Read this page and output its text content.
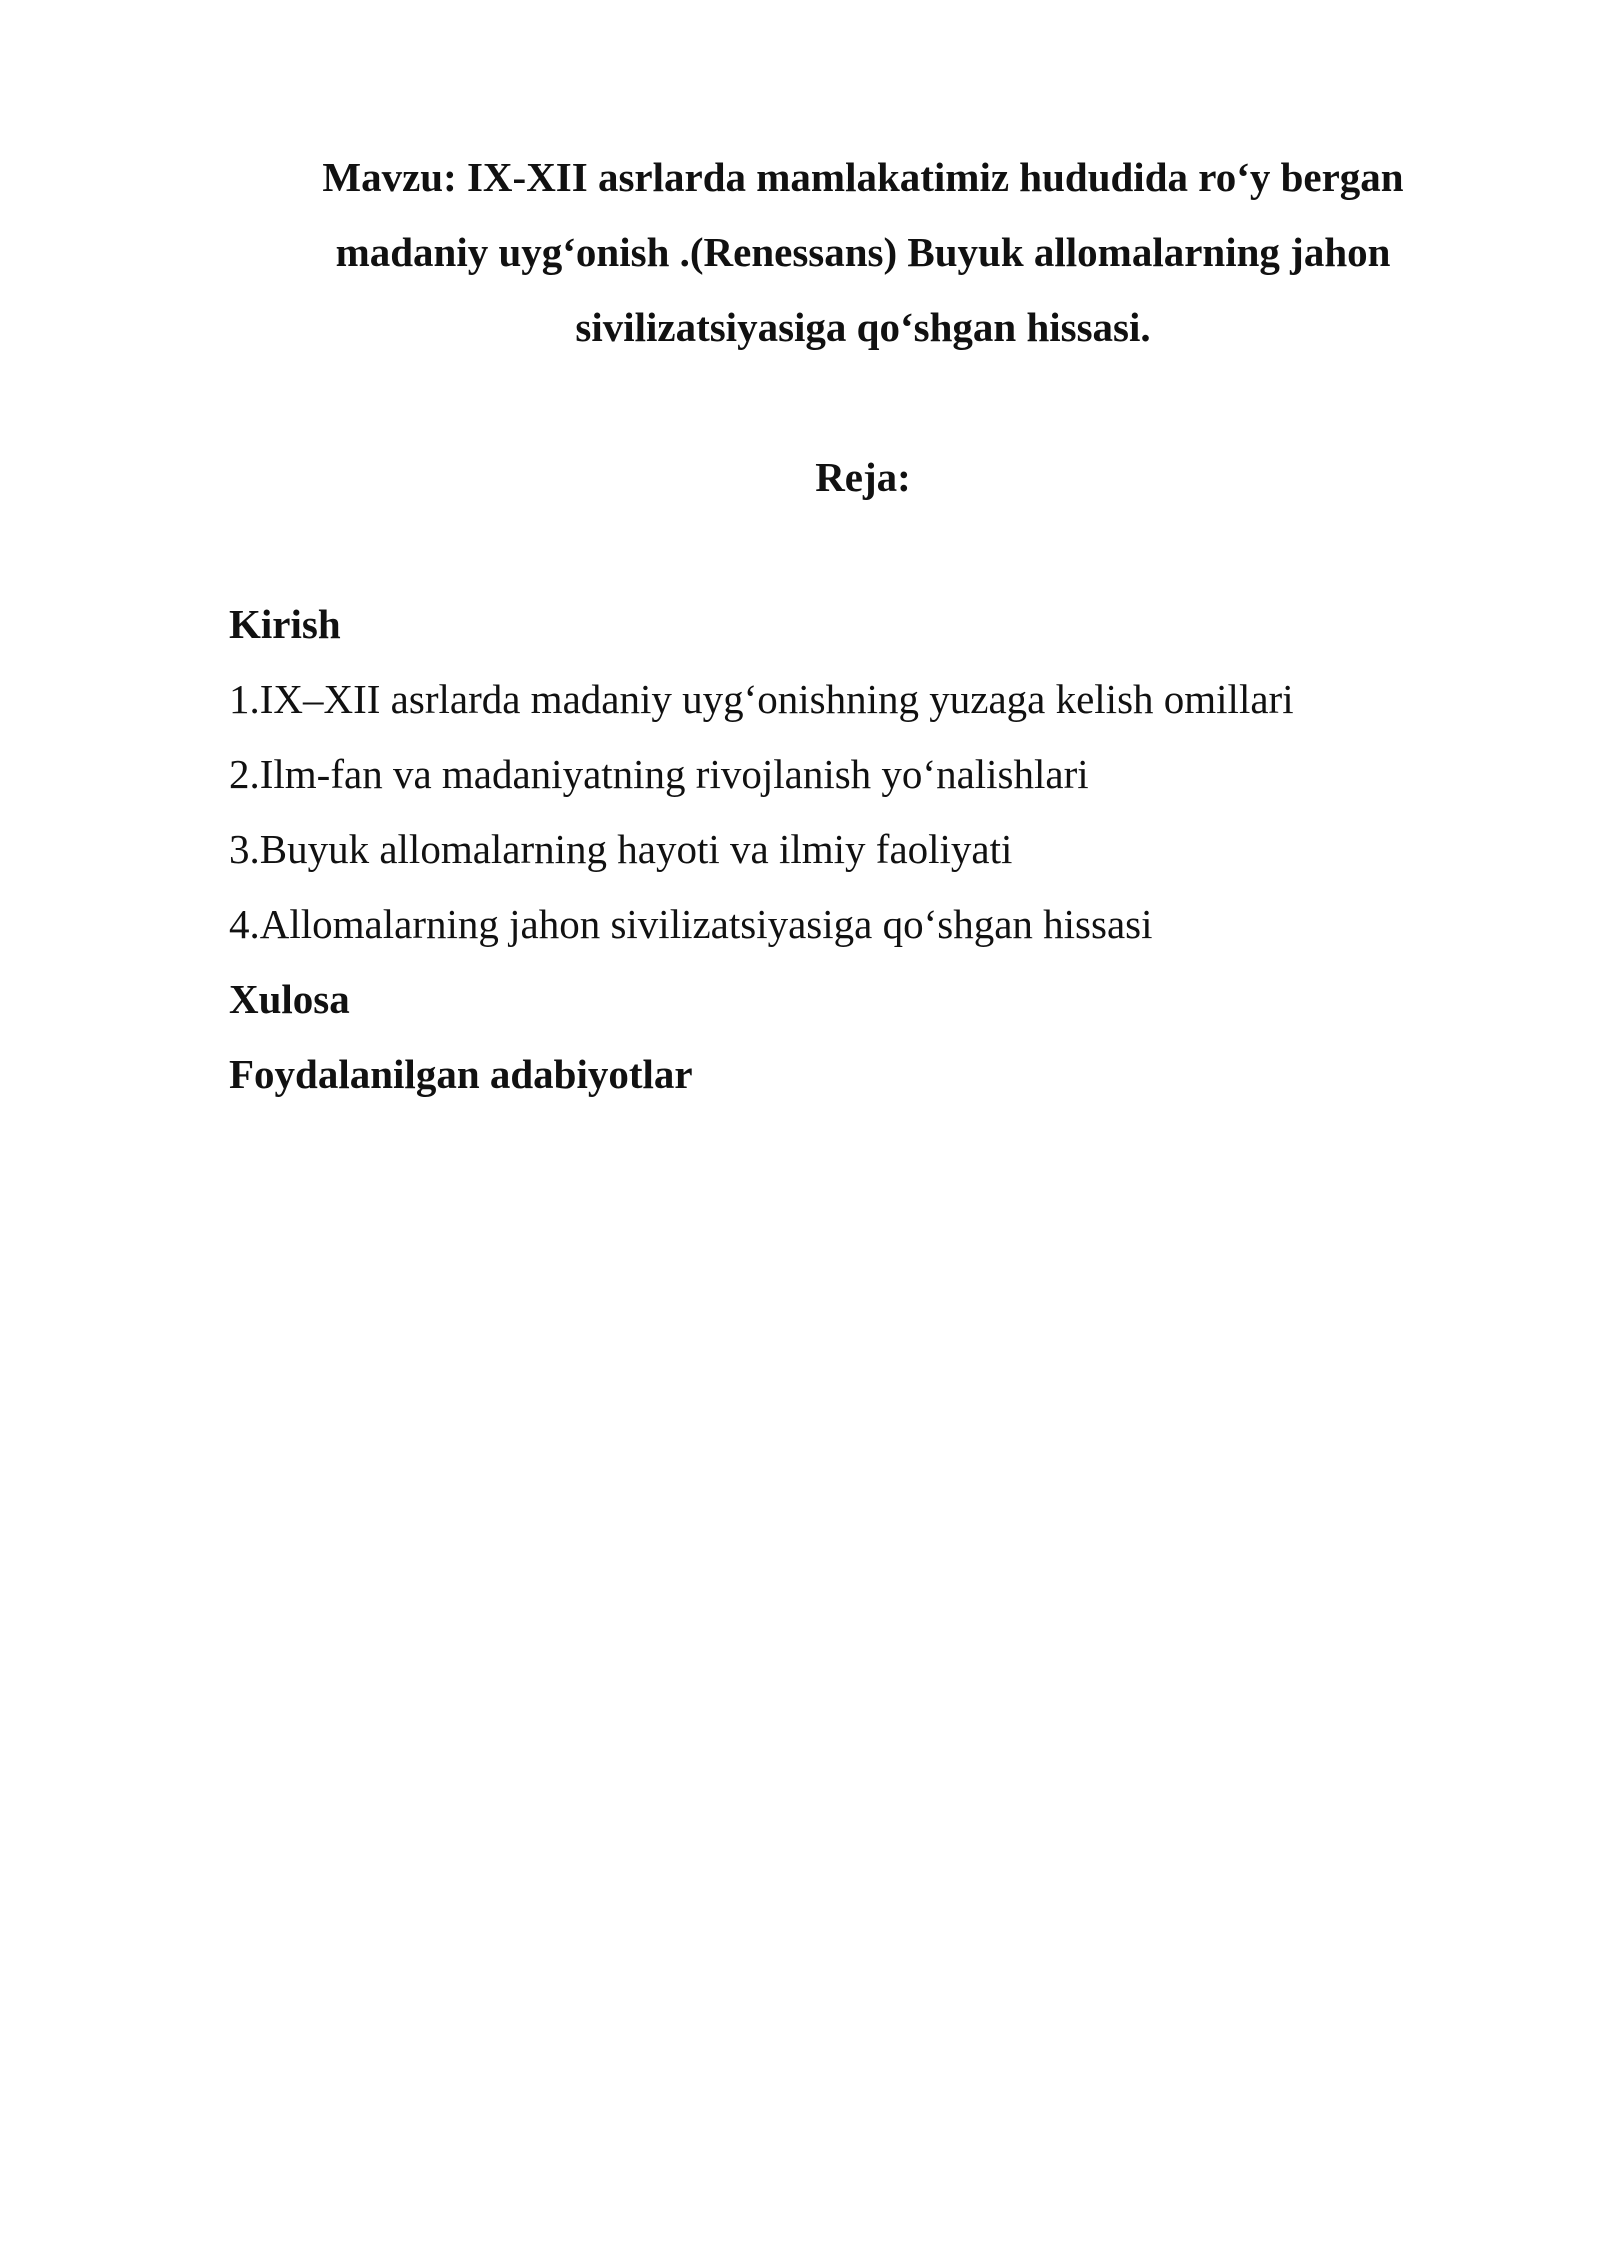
Mavzu: IX-XII asrlarda mamlakatimiz hududida ro‘y bergan
madaniy uyg‘onish .(Renessans) Buyuk allomalarning jahon
sivilizatsiyasiga qo‘shgan hissasi.
Reja:
Kirish
1.IX–XII asrlarda madaniy uyg‘onishning yuzaga kelish omillari
2.Ilm-fan va madaniyatning rivojlanish yo‘nalishlari
3.Buyuk allomalarning hayoti va ilmiy faoliyati
4.Allomalarning jahon sivilizatsiyasiga qo‘shgan hissasi
Xulosa
Foydalanilgan adabiyotlar
